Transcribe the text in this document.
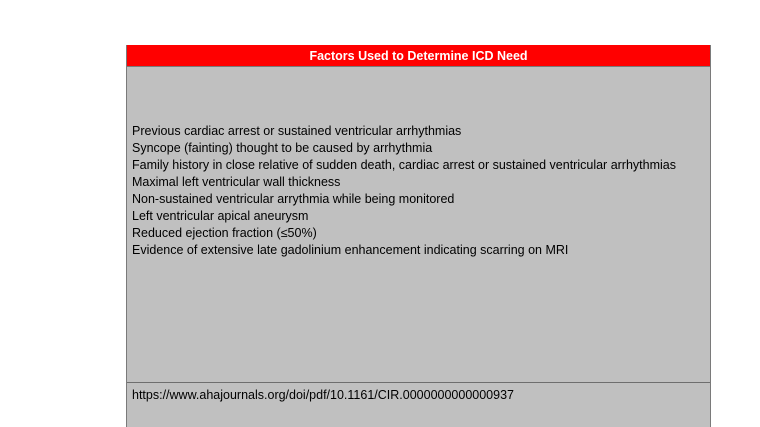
Factors Used to Determine ICD Need
Previous cardiac arrest or sustained ventricular arrhythmias
Syncope (fainting) thought to be caused by arrhythmia
Family history in close relative of sudden death, cardiac arrest or sustained ventricular arrhythmias
Maximal left ventricular wall thickness
Non-sustained ventricular arrythmia while being monitored
Left ventricular apical aneurysm
Reduced ejection fraction (≤50%)
Evidence of extensive late gadolinium enhancement indicating scarring on MRI
https://www.ahajournals.org/doi/pdf/10.1161/CIR.0000000000000937
